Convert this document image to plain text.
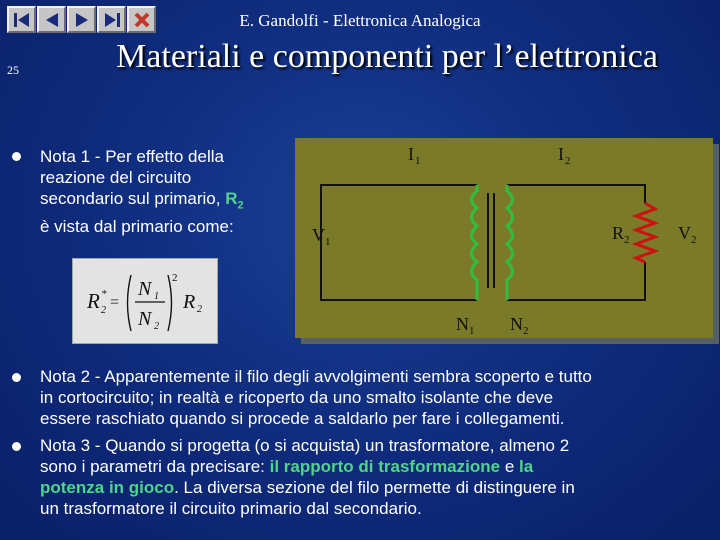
E. Gandolfi - Elettronica Analogica
25	Materiali e componenti per l’elettronica
Nota 1 - Per effetto della
reazione del circuito
secondario sul primario, $R_2$
è vista dal primario come:
R *
2 =
N 1
N 2
2
R 2
I 1	I 2
V 1	V 2
R 2
N 1 N 2
Nota 2 - Apparentemente il filo degli avvolgimenti sembra scoperto e tutto
in cortocircuito; in realtà e ricoperto da uno smalto isolante che deve
essere raschiato quando si procede a saldarlo per fare i collegamenti.
Nota 3 - Quando si progetta (o si acquista) un trasformatore, almeno 2
sono i parametri da precisare: il rapporto di trasformazione e la
potenza in gioco. La diversa sezione del filo permette di distinguere in
un trasformatore il circuito primario dal secondario.
